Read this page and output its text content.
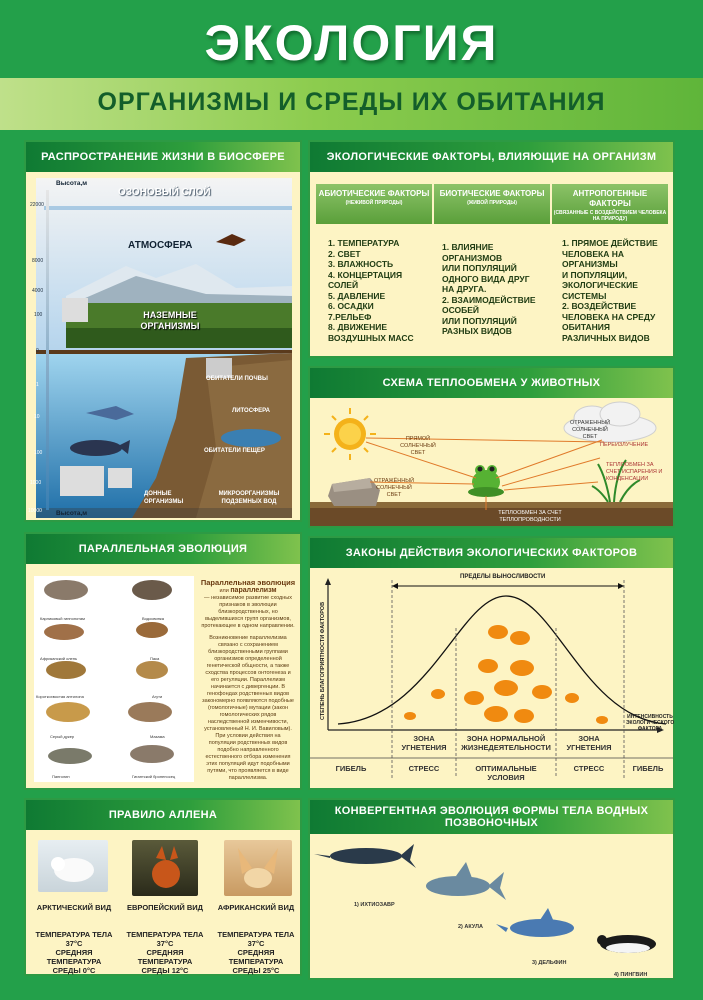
ЭКОЛОГИЯ
ОРГАНИЗМЫ И СРЕДЫ ИХ ОБИТАНИЯ
РАСПРОСТРАНЕНИЕ ЖИЗНИ В БИОСФЕРЕ
Высота,м
Высота,м
22000
8000
4000
100
0
1
10
100
1000
10000
ОЗОНОВЫЙ СЛОЙ
АТМОСФЕРА
НАЗЕМНЫЕ ОРГАНИЗМЫ
ОБИТАТЕЛИ ПОЧВЫ
ЛИТОСФЕРА
ОБИТАТЕЛИ ПЕЩЕР
ДОННЫЕ ОРГАНИЗМЫ
МИКРООРГАНИЗМЫ ПОДЗЕМНЫХ ВОД
ЭКОЛОГИЧЕСКИЕ ФАКТОРЫ, ВЛИЯЮЩИЕ НА ОРГАНИЗМ
АБИОТИЧЕСКИЕ ФАКТОРЫ
(НЕЖИВОЙ ПРИРОДЫ)
БИОТИЧЕСКИЕ ФАКТОРЫ
(ЖИВОЙ ПРИРОДЫ)
АНТРОПОГЕННЫЕ ФАКТОРЫ
(СВЯЗАННЫЕ С ВОЗДЕЙСТВИЕМ ЧЕЛОВЕКА НА ПРИРОДУ)
1. ТЕМПЕРАТУРА
2. СВЕТ
3. ВЛАЖНОСТЬ
4. КОНЦЕРТАЦИЯ
СОЛЕЙ
5. ДАВЛЕНИЕ
6. ОСАДКИ
7.РЕЛЬЕФ
8. ДВИЖЕНИЕ
ВОЗДУШНЫХ МАСС
1. ВЛИЯНИЕ
ОРГАНИЗМОВ
ИЛИ ПОПУЛЯЦИЙ
ОДНОГО ВИДА ДРУГ
НА ДРУГА.
2. ВЗАИМОДЕЙСТВИЕ
ОСОБЕЙ
ИЛИ ПОПУЛЯЦИЙ
РАЗНЫХ ВИДОВ
1. ПРЯМОЕ ДЕЙСТВИЕ
ЧЕЛОВЕКА НА
ОРГАНИЗМЫ
И ПОПУЛЯЦИИ,
ЭКОЛОГИЧЕСКИЕ
СИСТЕМЫ
2. ВОЗДЕЙСТВИЕ
ЧЕЛОВЕКА НА СРЕДУ
ОБИТАНИЯ
РАЗЛИЧНЫХ ВИДОВ
СХЕМА ТЕПЛООБМЕНА У ЖИВОТНЫХ
ПРЯМОЙ СОЛНЕЧНЫЙ СВЕТ
ОТРАЖЕННЫЙ СОЛНЕЧНЫЙ СВЕТ
ПЕРЕИЗЛУЧЕНИЕ
ТЕПЛООБМЕН ЗА СЧЕТ ИСПАРЕНИЯ И КОНДЕНСАЦИИ
ОТРАЖЁННЫЙ СОЛНЕЧНЫЙ СВЕТ
ТЕПЛООБМЕН ЗА СЧЕТ ТЕПЛОПРОВОДНОСТИ
ПАРАЛЛЕЛЬНАЯ ЭВОЛЮЦИЯ
Карликовый гиппопотам	Водосвинка
Африканский олень	Пака
Короткохвостая антилопа	Агути
Серый дукер	Мазама
Панголин	Гигантский броненосец
Параллельная эволюция
или параллелизм
— независимое развитие сходных
признаков в эволюции
близкородственных, но
выделившихся групп организмов,
протекающее в одном направлении.
Возникновение параллелизма
связано с сохранением
близкородственными группами
организмов определенной
генетической общности, а также
сходства процессов онтогенеза и
его регуляции. Параллелизм
начинается с дивергенции. В
генофондах родственных видов
закономерно появляются подобные
(гомологичные) мутации (закон
гомологических рядов
наследственной изменчивости,
установленный Н. И. Вавиловым).
При условии действия на
популяции родственных видов
подобно направленного
естественного отбора изменения
этих популяций идут подобными
путями, что проявляется в виде
параллелизма.
ЗАКОНЫ ДЕЙСТВИЯ ЭКОЛОГИЧЕСКИХ ФАКТОРОВ
ПРЕДЕЛЫ ВЫНОСЛИВОСТИ
СТЕПЕНЬ БЛАГОПРИЯТНОСТИ ФАКТОРОВ	ИНТЕНСИВНОСТЬ ЭКОЛОГИЧЕСКОГО ФАКТОРА
ЗОНА УГНЕТЕНИЯ
ЗОНА НОРМАЛЬНОЙ ЖИЗНЕДЕЯТЕЛЬНОСТИ
ЗОНА УГНЕТЕНИЯ
ГИБЕЛЬ	СТРЕСС	ОПТИМАЛЬНЫЕ УСЛОВИЯ
СТРЕСС	ГИБЕЛЬ
ПРАВИЛО АЛЛЕНА
АРКТИЧЕСКИЙ ВИД	ЕВРОПЕЙСКИЙ ВИД АФРИКАНСКИЙ ВИД
ТЕМПЕРАТУРА ТЕЛА 37°С
СРЕДНЯЯ ТЕМПЕРАТУРА СРЕДЫ 0°С
ТЕМПЕРАТУРА ТЕЛА 37°С
СРЕДНЯЯ ТЕМПЕРАТУРА СРЕДЫ 12°С
ТЕМПЕРАТУРА ТЕЛА 37°С
СРЕДНЯЯ ТЕМПЕРАТУРА СРЕДЫ 25°С
КОНВЕРГЕНТНАЯ ЭВОЛЮЦИЯ ФОРМЫ ТЕЛА ВОДНЫХ ПОЗВОНОЧНЫХ
1) ИХТИОЗАВР
2) АКУЛА
3) ДЕЛЬФИН
4) ПИНГВИН
